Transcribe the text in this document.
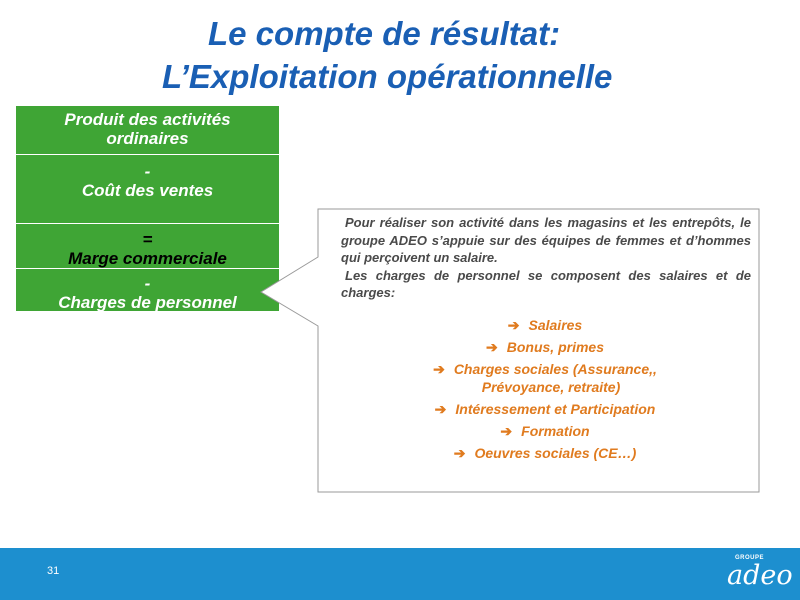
Le compte de résultat:
L’Exploitation opérationnelle
Produit des activités
ordinaires
-
Coût des ventes
=
Marge commerciale
-
Charges de personnel

Pour réaliser son activité dans les magasins et les entrepôts, le groupe ADEO s’appuie sur des équipes de femmes et d’hommes qui perçoivent un salaire.

Les charges de personnel se composent des salaires et de charges:

➔ Salaires
➔ Bonus, primes
➔ Charges sociales (Assurance,,
Prévoyance, retraite)
➔ Intéressement et Participation
➔ Formation
➔ Oeuvres sociales (CE…)
31
GROUPE
adeo
